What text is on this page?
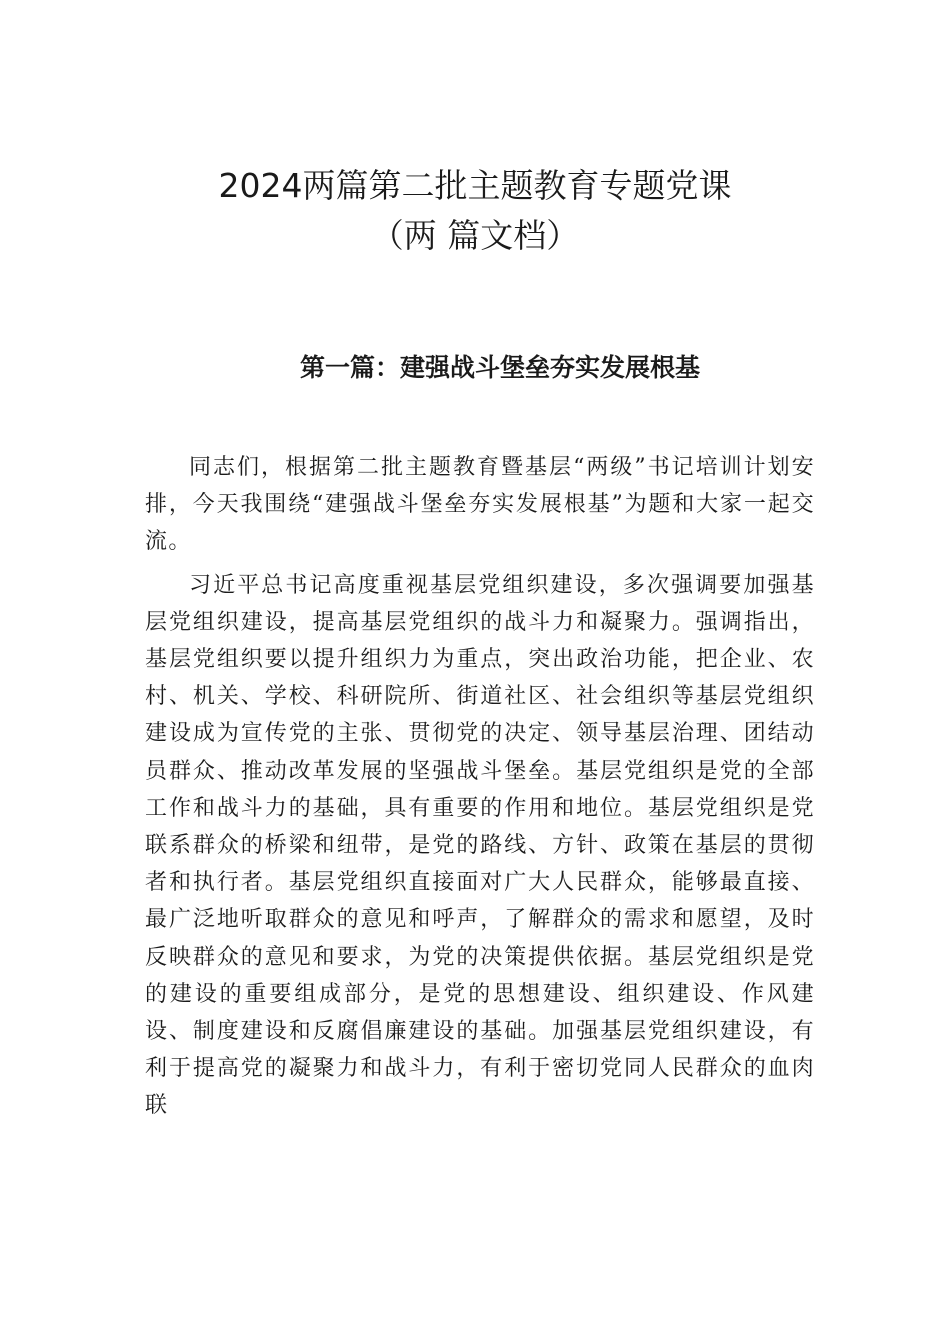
2024两篇第二批主题教育专题党课
（两 篇文档）
第一篇：建强战斗堡垒夯实发展根基

同志们，根据第二批主题教育暨基层“两级”书记培训计划安排，今天我围绕“建强战斗堡垒夯实发展根基”为题和大家一起交流。

习近平总书记高度重视基层党组织建设，多次强调要加强基层党组织建设，提高基层党组织的战斗力和凝聚力。强调指出，基层党组织要以提升组织力为重点，突出政治功能，把企业、农村、机关、学校、科研院所、街道社区、社会组织等基层党组织建设成为宣传党的主张、贯彻党的决定、领导基层治理、团结动员群众、推动改革发展的坚强战斗堡垒。基层党组织是党的全部工作和战斗力的基础，具有重要的作用和地位。基层党组织是党联系群众的桥梁和纽带，是党的路线、方针、政策在基层的贯彻者和执行者。基层党组织直接面对广大人民群众，能够最直接、最广泛地听取群众的意见和呼声，了解群众的需求和愿望，及时反映群众的意见和要求，为党的决策提供依据。基层党组织是党的建设的重要组成部分，是党的思想建设、组织建设、作风建设、制度建设和反腐倡廉建设的基础。加强基层党组织建设，有利于提高党的凝聚力和战斗力，有利于密切党同人民群众的血肉联
